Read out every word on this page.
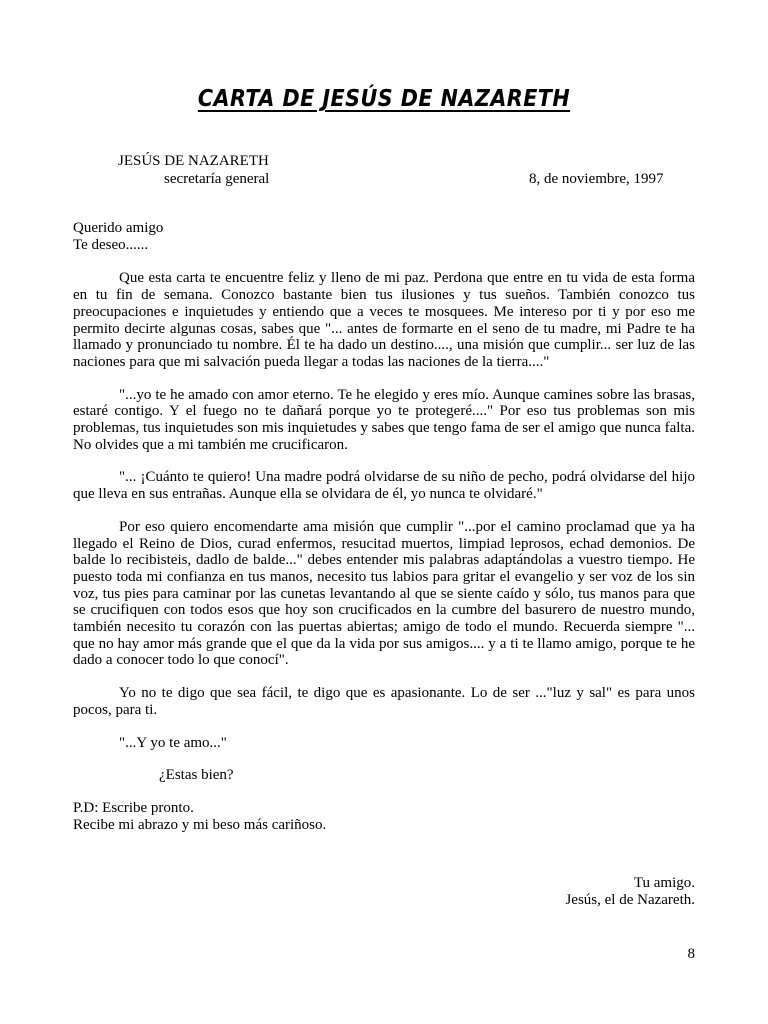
CARTA DE JESÚS DE NAZARETH
JESÚS DE NAZARETH
secretaría general	8, de noviembre, 1997

Querido amigo

Te deseo......

Que esta carta te encuentre feliz y lleno de mi paz. Perdona que entre en tu vida de esta forma en tu fin de semana. Conozco bastante bien tus ilusiones y tus sueños. También conozco tus preocupaciones e inquietudes y entiendo que a veces te mosquees. Me intereso por ti y por eso me permito decirte algunas cosas, sabes que "... antes de formarte en el seno de tu madre, mi Padre te ha llamado y pronunciado tu nombre. Él te ha dado un destino...., una misión que cumplir... ser luz de las naciones para que mi salvación pueda llegar a todas las naciones de la tierra...."

"...yo te he amado con amor eterno. Te he elegido y eres mío. Aunque camines sobre las brasas, estaré contigo. Y el fuego no te dañará porque yo te protegeré...." Por eso tus problemas son mis problemas, tus inquietudes son mis inquietudes y sabes que tengo fama de ser el amigo que nunca falta. No olvides que a mi también me crucificaron.

"... ¡Cuánto te quiero! Una madre podrá olvidarse de su niño de pecho, podrá olvidarse del hijo que lleva en sus entrañas. Aunque ella se olvidara de él, yo nunca te olvidaré."

Por eso quiero encomendarte ama misión que cumplir "...por el camino proclamad que ya ha llegado el Reino de Dios, curad enfermos, resucitad muertos, limpiad leprosos, echad demonios. De balde lo recibisteis, dadlo de balde..." debes entender mis palabras adaptándolas a vuestro tiempo. He puesto toda mi confianza en tus manos, necesito tus labios para gritar el evangelio y ser voz de los sin voz, tus pies para caminar por las cunetas levantando al que se siente caído y sólo, tus manos para que se crucifiquen con todos esos que hoy son crucificados en la cumbre del basurero de nuestro mundo, también necesito tu corazón con las puertas abiertas; amigo de todo el mundo. Recuerda siempre "... que no hay amor más grande que el que da la vida por sus amigos.... y a ti te llamo amigo, porque te he dado a conocer todo lo que conocí".

Yo no te digo que sea fácil, te digo que es apasionante. Lo de ser ..."luz y sal" es para unos pocos, para ti.

"...Y yo te amo..."

¿Estas bien?

P.D: Escribe pronto.

Recibe mi abrazo y mi beso más cariñoso.

Tu amigo.
Jesús, el de Nazareth.
8
